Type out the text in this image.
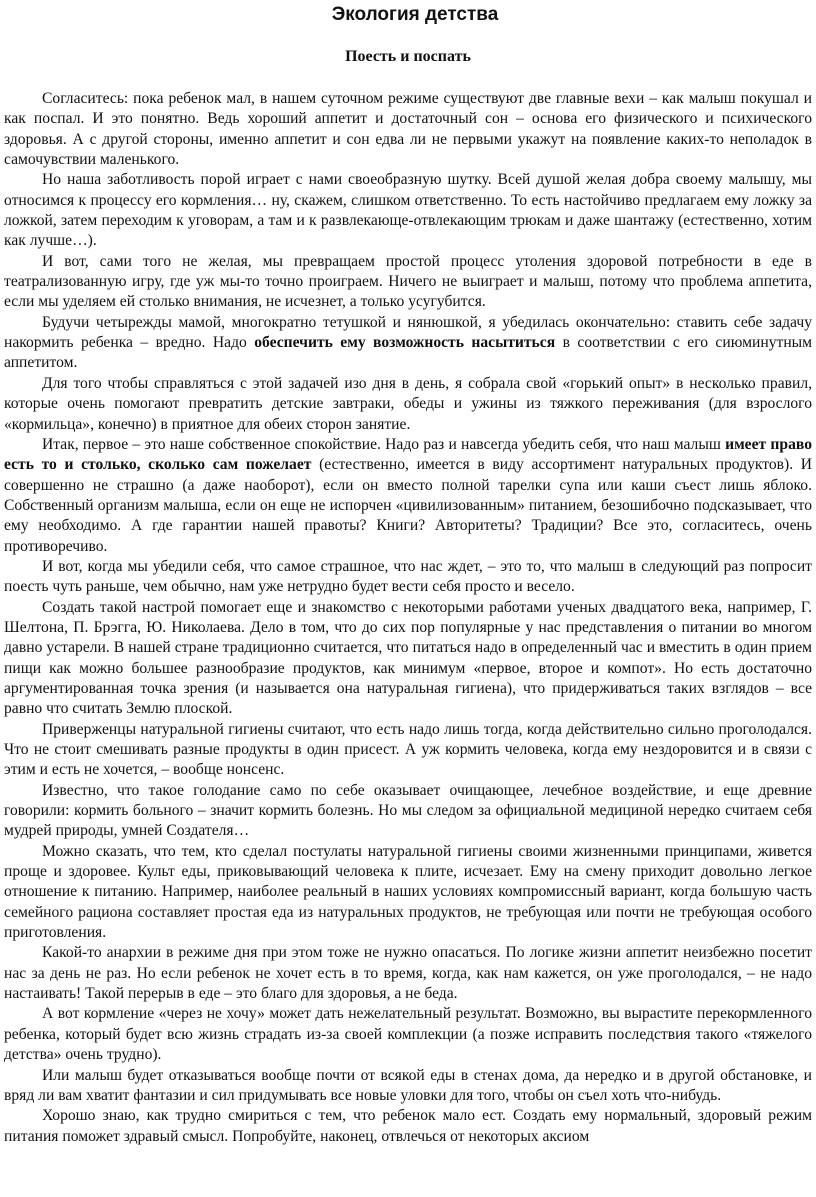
Экология детства
Поесть и поспать

Согласитесь: пока ребенок мал, в нашем суточном режиме существуют две главные вехи – как малыш покушал и как поспал. И это понятно. Ведь хороший аппетит и достаточный сон – основа его физического и психического здоровья. А с другой стороны, именно аппетит и сон едва ли не первыми укажут на появление каких-то неполадок в самочувствии маленького.

Но наша заботливость порой играет с нами своеобразную шутку. Всей душой желая добра своему малышу, мы относимся к процессу его кормления… ну, скажем, слишком ответственно. То есть настойчиво предлагаем ему ложку за ложкой, затем переходим к уговорам, а там и к развлекающе-отвлекающим трюкам и даже шантажу (естественно, хотим как лучше…).

И вот, сами того не желая, мы превращаем простой процесс утоления здоровой потребности в еде в театрализованную игру, где уж мы-то точно проиграем. Ничего не выиграет и малыш, потому что проблема аппетита, если мы уделяем ей столько внимания, не исчезнет, а только усугубится.

Будучи четырежды мамой, многократно тетушкой и нянюшкой, я убедилась окончательно: ставить себе задачу накормить ребенка – вредно. Надо обеспечить ему возможность насытиться в соответствии с его сиюминутным аппетитом.

Для того чтобы справляться с этой задачей изо дня в день, я собрала свой «горький опыт» в несколько правил, которые очень помогают превратить детские завтраки, обеды и ужины из тяжкого переживания (для взрослого «кормильца», конечно) в приятное для обеих сторон занятие.

Итак, первое – это наше собственное спокойствие. Надо раз и навсегда убедить себя, что наш малыш имеет право есть то и столько, сколько сам пожелает (естественно, имеется в виду ассортимент натуральных продуктов). И совершенно не страшно (а даже наоборот), если он вместо полной тарелки супа или каши съест лишь яблоко. Собственный организм малыша, если он еще не испорчен «цивилизованным» питанием, безошибочно подсказывает, что ему необходимо. А где гарантии нашей правоты? Книги? Авторитеты? Традиции? Все это, согласитесь, очень противоречиво.

И вот, когда мы убедили себя, что самое страшное, что нас ждет, – это то, что малыш в следующий раз попросит поесть чуть раньше, чем обычно, нам уже нетрудно будет вести себя просто и весело.

Создать такой настрой помогает еще и знакомство с некоторыми работами ученых двадцатого века, например, Г. Шелтона, П. Брэгга, Ю. Николаева. Дело в том, что до сих пор популярные у нас представления о питании во многом давно устарели. В нашей стране традиционно считается, что питаться надо в определенный час и вместить в один прием пищи как можно большее разнообразие продуктов, как минимум «первое, второе и компот». Но есть достаточно аргументированная точка зрения (и называется она натуральная гигиена), что придерживаться таких взглядов – все равно что считать Землю плоской.

Приверженцы натуральной гигиены считают, что есть надо лишь тогда, когда действительно сильно проголодался. Что не стоит смешивать разные продукты в один присест. А уж кормить человека, когда ему нездоровится и в связи с этим и есть не хочется, – вообще нонсенс.

Известно, что такое голодание само по себе оказывает очищающее, лечебное воздействие, и еще древние говорили: кормить больного – значит кормить болезнь. Но мы следом за официальной медициной нередко считаем себя мудрей природы, умней Создателя…

Можно сказать, что тем, кто сделал постулаты натуральной гигиены своими жизненными принципами, живется проще и здоровее. Культ еды, приковывающий человека к плите, исчезает. Ему на смену приходит довольно легкое отношение к питанию. Например, наиболее реальный в наших условиях компромиссный вариант, когда большую часть семейного рациона составляет простая еда из натуральных продуктов, не требующая или почти не требующая особого приготовления.

Какой-то анархии в режиме дня при этом тоже не нужно опасаться. По логике жизни аппетит неизбежно посетит нас за день не раз. Но если ребенок не хочет есть в то время, когда, как нам кажется, он уже проголодался, – не надо настаивать! Такой перерыв в еде – это благо для здоровья, а не беда.

А вот кормление «через не хочу» может дать нежелательный результат. Возможно, вы вырастите перекормленного ребенка, который будет всю жизнь страдать из-за своей комплекции (а позже исправить последствия такого «тяжелого детства» очень трудно).

Или малыш будет отказываться вообще почти от всякой еды в стенах дома, да нередко и в другой обстановке, и вряд ли вам хватит фантазии и сил придумывать все новые уловки для того, чтобы он съел хоть что-нибудь.

Хорошо знаю, как трудно смириться с тем, что ребенок мало ест. Создать ему нормальный, здоровый режим питания поможет здравый смысл. Попробуйте, наконец, отвлечься от некоторых аксиом
